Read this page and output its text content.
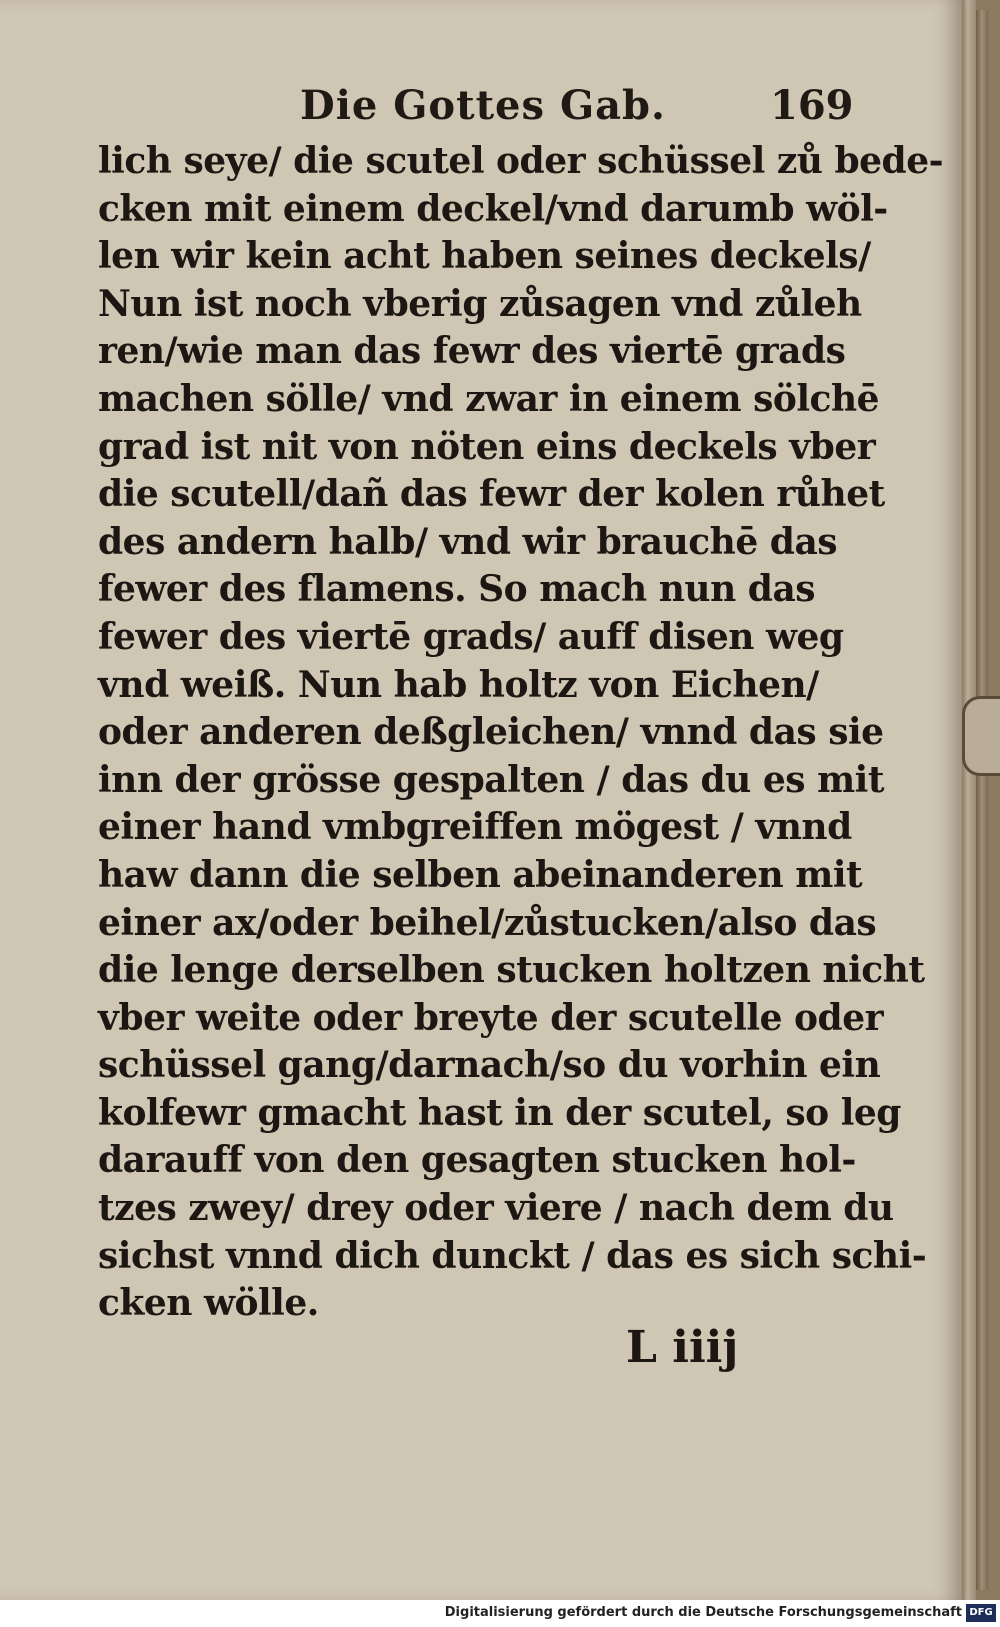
Die Gottes Gab.	169
lich seye/ die scutel oder schüssel zů bede-
cken mit einem deckel/vnd darumb wöl-
len wir kein acht haben seines deckels/
Nun ist noch vberig zůsagen vnd zůleh
ren/wie man das fewr des viertē grads
machen sölle/ vnd zwar in einem sölchē
grad ist nit von nöten eins deckels vber
die scutell/dañ das fewr der kolen růhet
des andern halb/ vnd wir brauchē das
fewer des flamens. So mach nun das
fewer des viertē grads/ auff disen weg
vnd weiß. Nun hab holtz von Eichen/
oder anderen deßgleichen/ vnnd das sie
inn der grösse gespalten / das du es mit
einer hand vmbgreiffen mögest / vnnd
haw dann die selben abeinanderen mit
einer ax/oder beihel/zůstucken/also das
die lenge derselben stucken holtzen nicht
vber weite oder breyte der scutelle oder
schüssel gang/darnach/so du vorhin ein
kolfewr gmacht hast in der scutel, so leg
darauff von den gesagten stucken hol-
tzes zwey/ drey oder viere / nach dem du
sichst vnnd dich dunckt / das es sich schi-
cken wölle.
L iiij
Digitalisierung gefördert durch die Deutsche Forschungsgemeinschaft DFG
